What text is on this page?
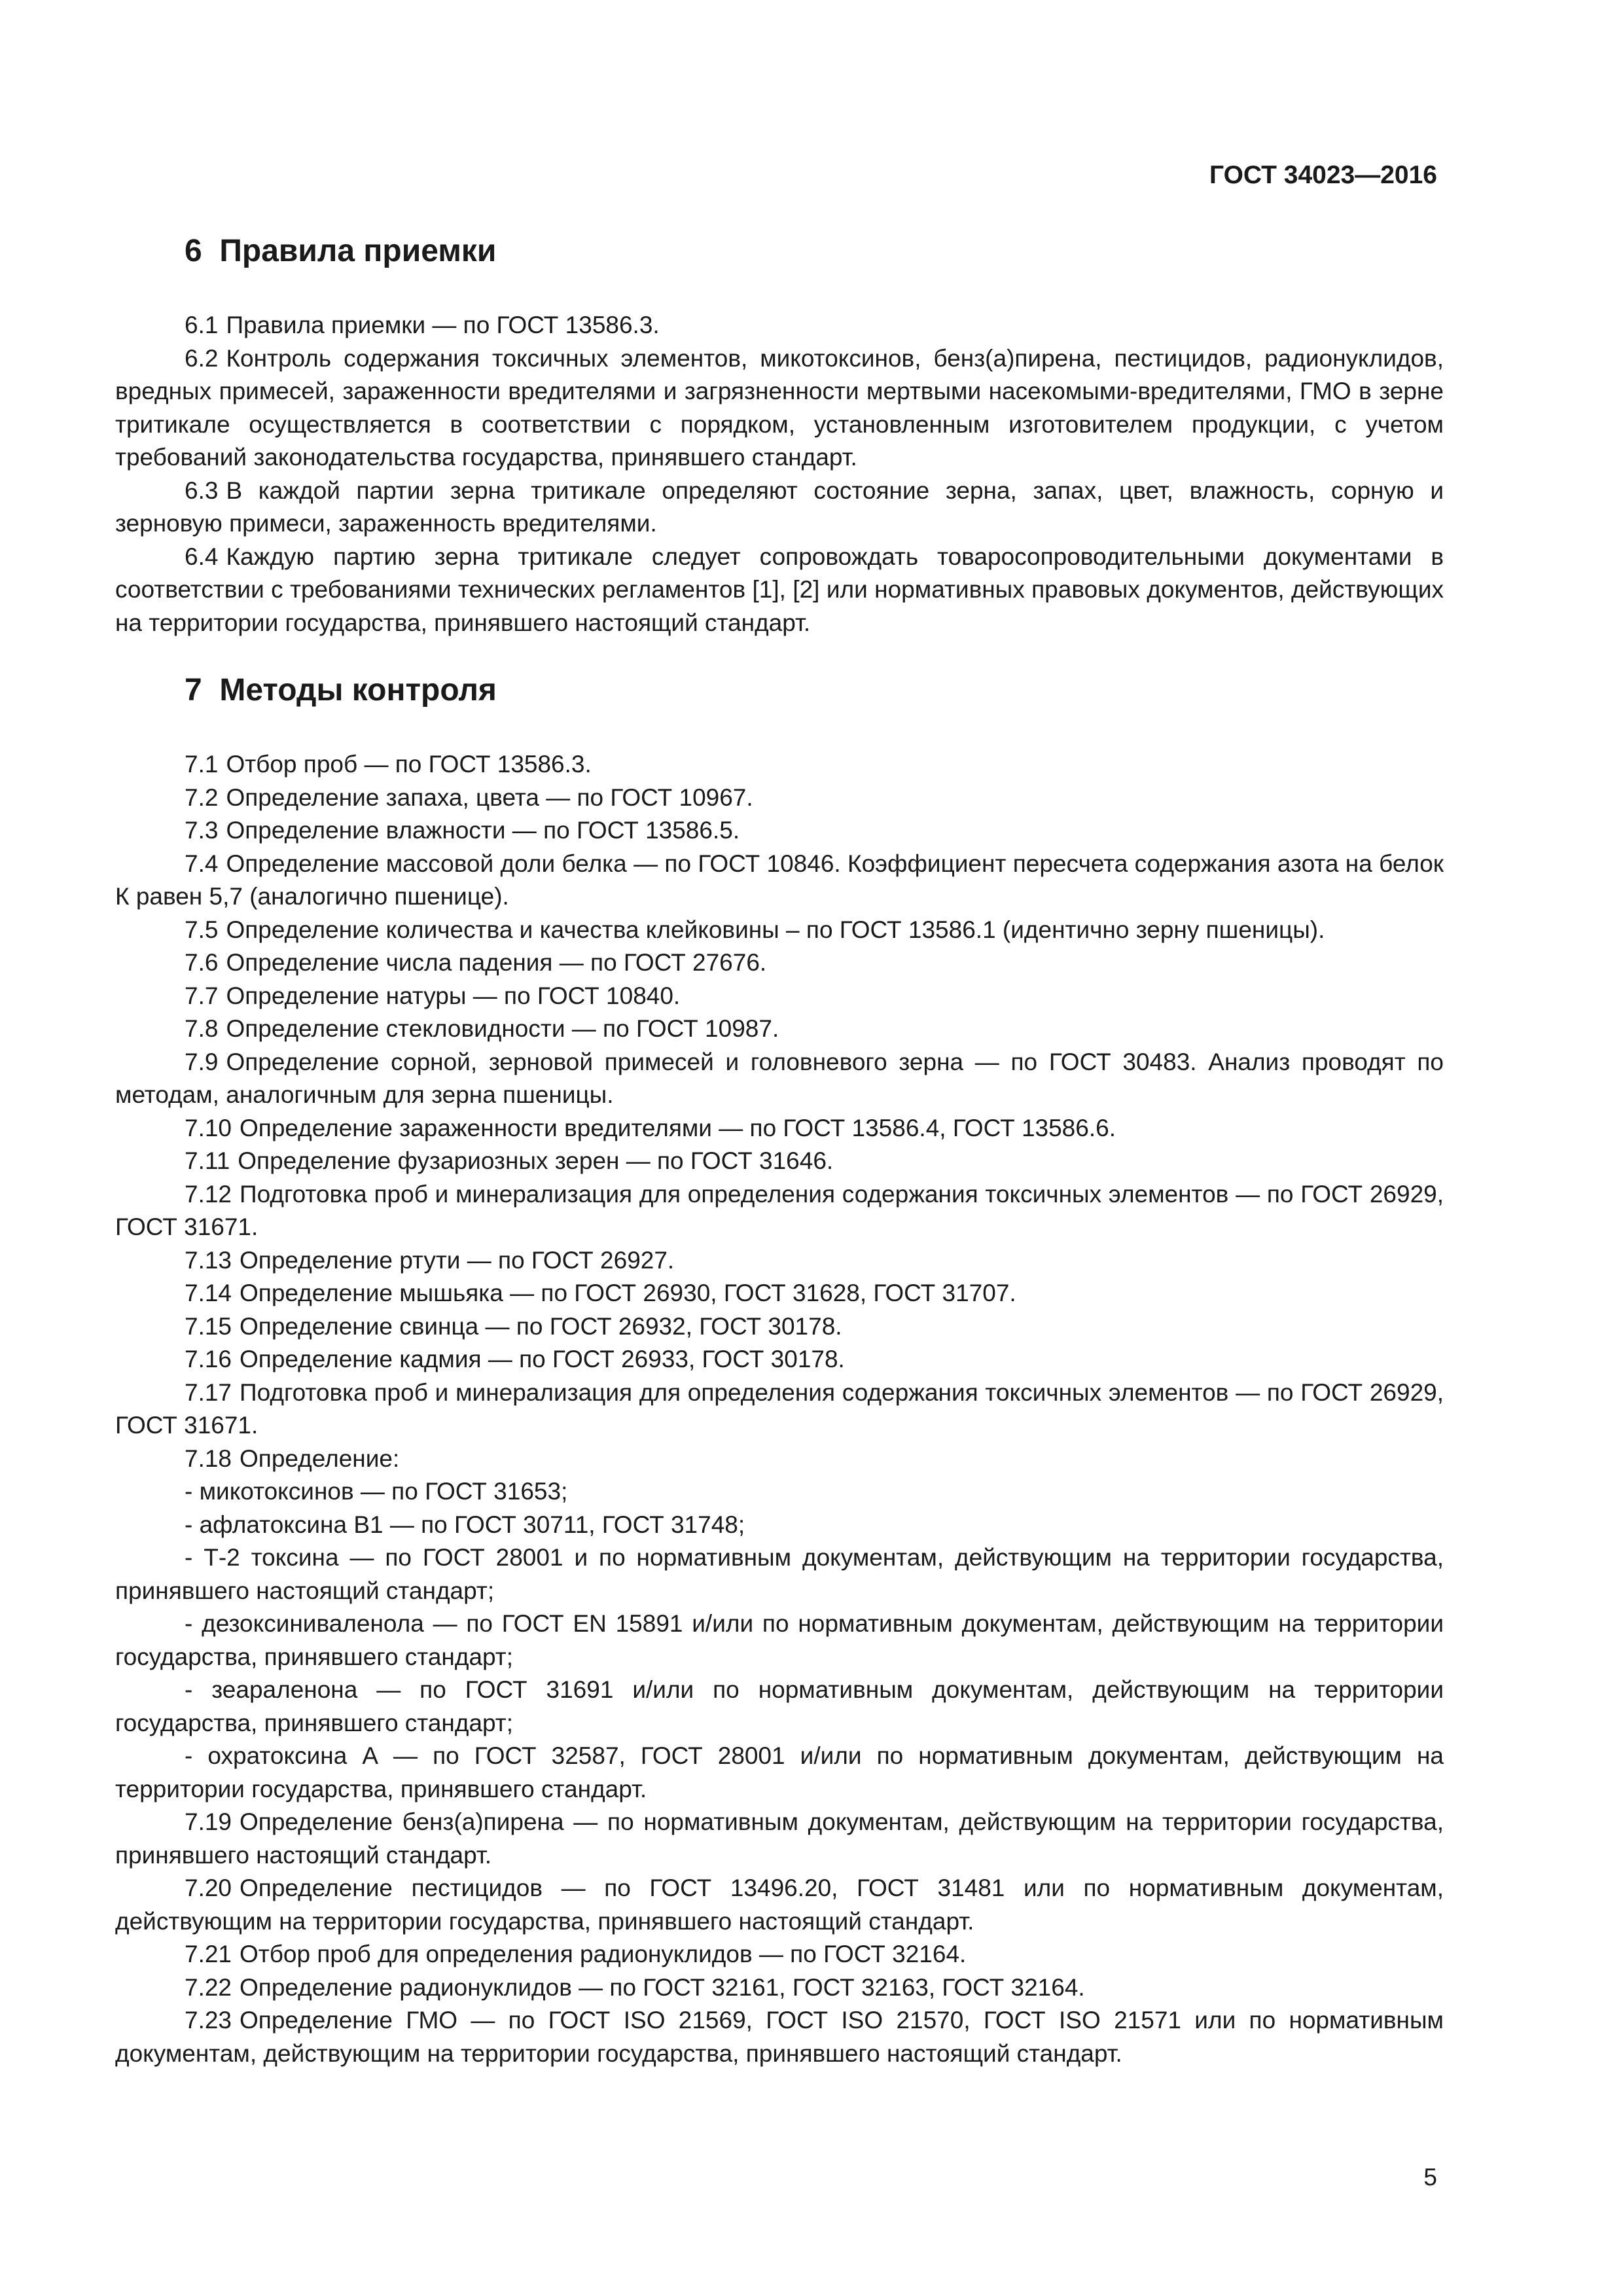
ГОСТ 34023—2016
6 Правила приемки

6.1 Правила приемки — по ГОСТ 13586.3.

6.2 Контроль содержания токсичных элементов, микотоксинов, бенз(а)пирена, пестицидов, радионуклидов, вредных примесей, зараженности вредителями и загрязненности мертвыми насекомыми-вредителями, ГМО в зерне тритикале осуществляется в соответствии с порядком, установленным изготовителем продукции, с учетом требований законодательства государства, принявшего стандарт.

6.3 В каждой партии зерна тритикале определяют состояние зерна, запах, цвет, влажность, сорную и зерновую примеси, зараженность вредителями.

6.4 Каждую партию зерна тритикале следует сопровождать товаросопроводительными документами в соответствии с требованиями технических регламентов [1], [2] или нормативных правовых документов, действующих на территории государства, принявшего настоящий стандарт.

7 Методы контроля

7.1 Отбор проб — по ГОСТ 13586.3.

7.2 Определение запаха, цвета — по ГОСТ 10967.

7.3 Определение влажности — по ГОСТ 13586.5.

7.4 Определение массовой доли белка — по ГОСТ 10846. Коэффициент пересчета содержания азота на белок К равен 5,7 (аналогично пшенице).

7.5 Определение количества и качества клейковины – по ГОСТ 13586.1 (идентично зерну пшеницы).

7.6 Определение числа падения — по ГОСТ 27676.

7.7 Определение натуры — по ГОСТ 10840.

7.8 Определение стекловидности — по ГОСТ 10987.

7.9 Определение сорной, зерновой примесей и головневого зерна — по ГОСТ 30483. Анализ проводят по методам, аналогичным для зерна пшеницы.

7.10 Определение зараженности вредителями — по ГОСТ 13586.4, ГОСТ 13586.6.

7.11 Определение фузариозных зерен — по ГОСТ 31646.

7.12 Подготовка проб и минерализация для определения содержания токсичных элементов — по ГОСТ 26929, ГОСТ 31671.

7.13 Определение ртути — по ГОСТ 26927.

7.14 Определение мышьяка — по ГОСТ 26930, ГОСТ 31628, ГОСТ 31707.

7.15 Определение свинца — по ГОСТ 26932, ГОСТ 30178.

7.16 Определение кадмия — по ГОСТ 26933, ГОСТ 30178.

7.17 Подготовка проб и минерализация для определения содержания токсичных элементов — по ГОСТ 26929, ГОСТ 31671.

7.18 Определение:

- микотоксинов — по ГОСТ 31653;

- афлатоксина В1 — по ГОСТ 30711, ГОСТ 31748;

- Т-2 токсина — по ГОСТ 28001 и по нормативным документам, действующим на территории государства, принявшего настоящий стандарт;

- дезоксиниваленола — по ГОСТ EN 15891 и/или по нормативным документам, действующим на территории государства, принявшего стандарт;

- зеараленона — по ГОСТ 31691 и/или по нормативным документам, действующим на территории государства, принявшего стандарт;

- охратоксина А — по ГОСТ 32587, ГОСТ 28001 и/или по нормативным документам, действующим на территории государства, принявшего стандарт.

7.19 Определение бенз(а)пирена — по нормативным документам, действующим на территории государства, принявшего настоящий стандарт.

7.20 Определение пестицидов — по ГОСТ 13496.20, ГОСТ 31481 или по нормативным документам, действующим на территории государства, принявшего настоящий стандарт.

7.21 Отбор проб для определения радионуклидов — по ГОСТ 32164.

7.22 Определение радионуклидов — по ГОСТ 32161, ГОСТ 32163, ГОСТ 32164.

7.23 Определение ГМО — по ГОСТ ISO 21569, ГОСТ ISO 21570, ГОСТ ISO 21571 или по нормативным документам, действующим на территории государства, принявшего настоящий стандарт.

5
